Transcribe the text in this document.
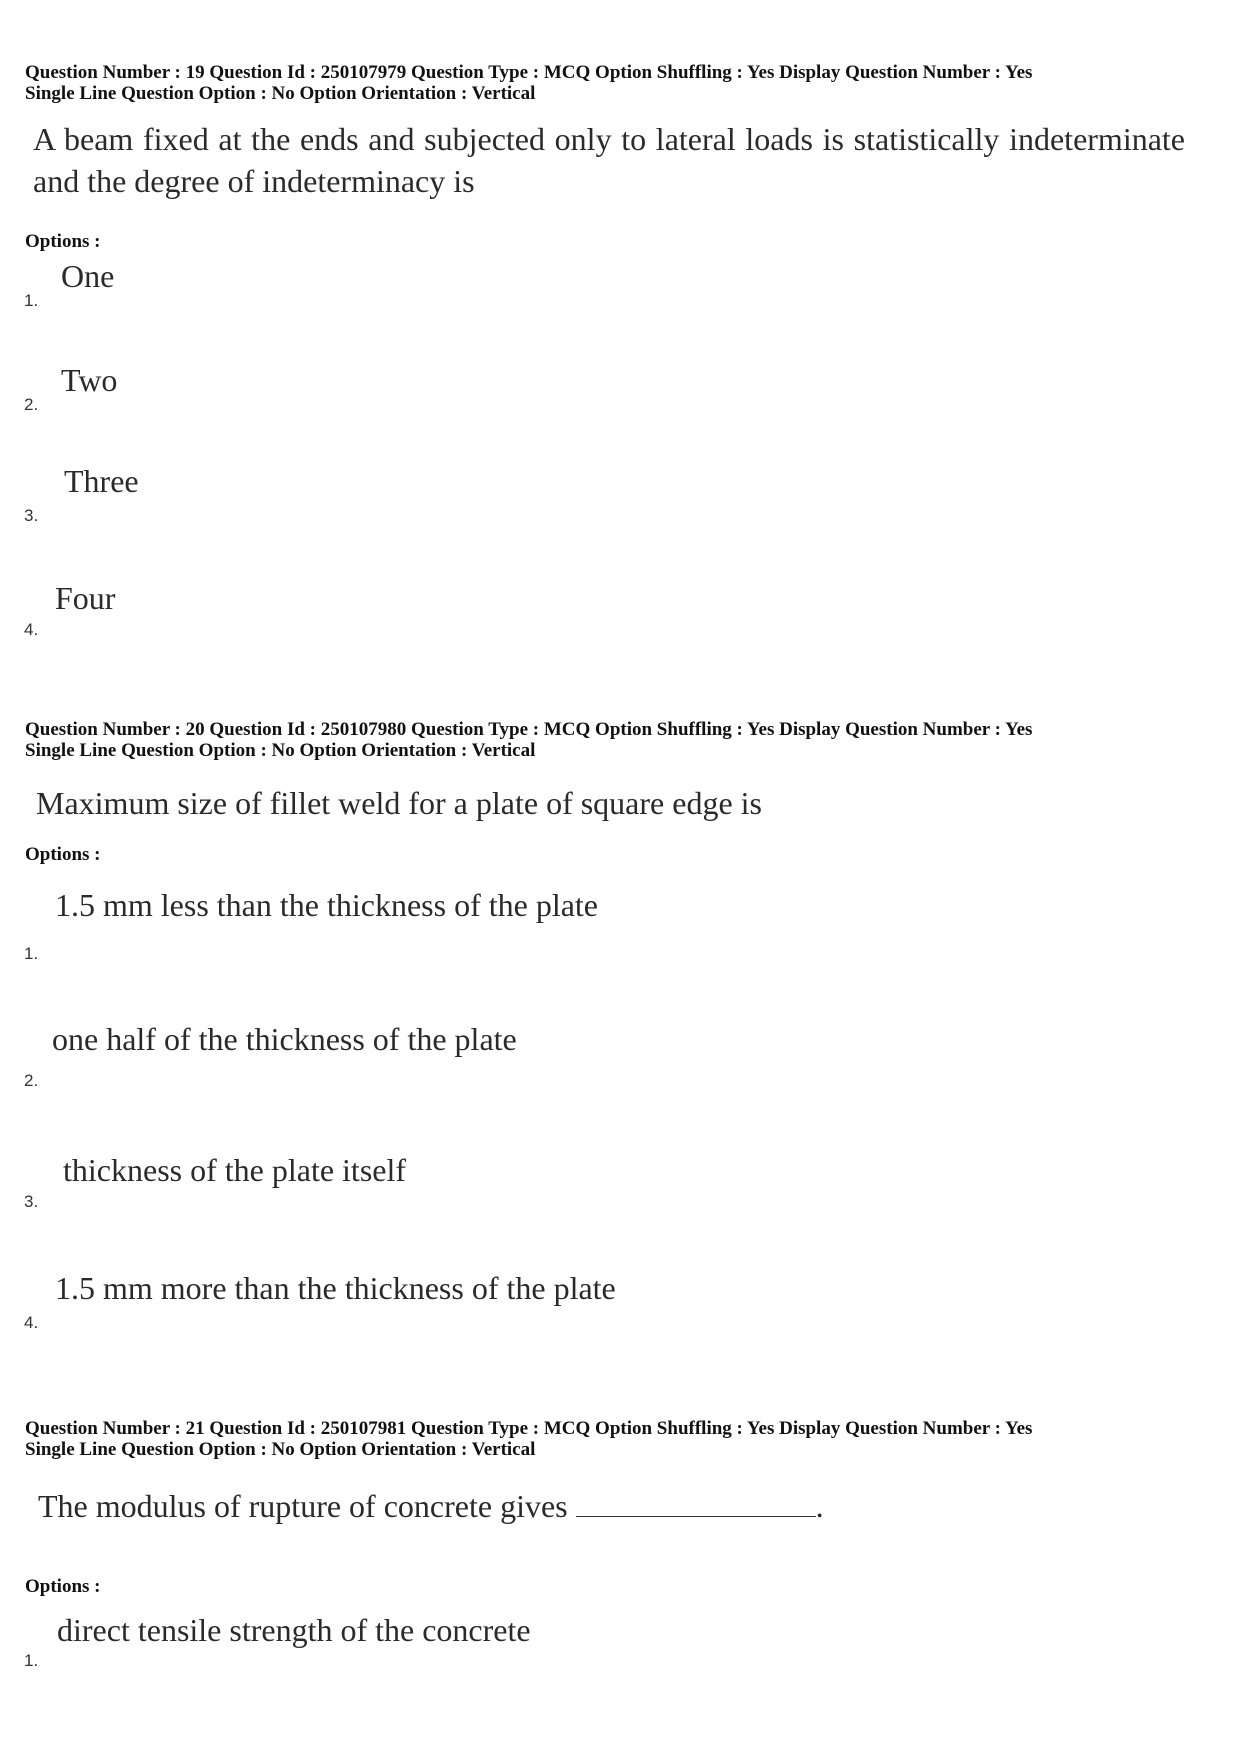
Question Number : 19 Question Id : 250107979 Question Type : MCQ Option Shuffling : Yes Display Question Number : Yes
Single Line Question Option : No Option Orientation : Vertical
A beam fixed at the ends and subjected only to lateral loads is statistically indeterminate and the degree of indeterminacy is
Options :
One
1.
Two
2.
Three
3.
Four
4.
Question Number : 20 Question Id : 250107980 Question Type : MCQ Option Shuffling : Yes Display Question Number : Yes
Single Line Question Option : No Option Orientation : Vertical
Maximum size of fillet weld for a plate of square edge is
Options :
1.5 mm less than the thickness of the plate
1.
one half of the thickness of the plate
2.
thickness of the plate itself
3.
1.5 mm more than the thickness of the plate
4.
Question Number : 21 Question Id : 250107981 Question Type : MCQ Option Shuffling : Yes Display Question Number : Yes
Single Line Question Option : No Option Orientation : Vertical
The modulus of rupture of concrete gives	.
Options :
direct tensile strength of the concrete
1.
